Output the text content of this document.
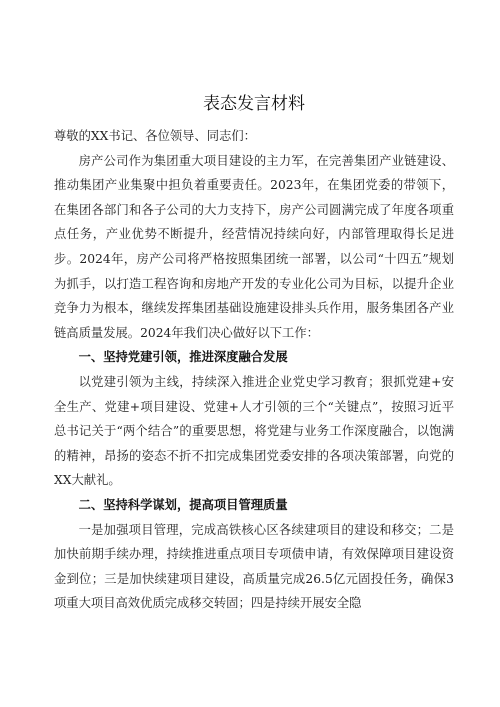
表态发言材料

尊敬的XX书记、各位领导、同志们：

房产公司作为集团重大项目建设的主力军，在完善集团产业链建设、推动集团产业集聚中担负着重要责任。2023年，在集团党委的带领下，在集团各部门和各子公司的大力支持下，房产公司圆满完成了年度各项重点任务，产业优势不断提升，经营情况持续向好，内部管理取得长足进步。2024年，房产公司将严格按照集团统一部署，以公司“十四五”规划为抓手，以打造工程咨询和房地产开发的专业化公司为目标，以提升企业竞争力为根本，继续发挥集团基础设施建设排头兵作用，服务集团各产业链高质量发展。2024年我们决心做好以下工作：

一、坚持党建引领，推进深度融合发展

以党建引领为主线，持续深入推进企业党史学习教育；狠抓党建+安全生产、党建+项目建设、党建+人才引领的三个“关键点”，按照习近平总书记关于“两个结合”的重要思想，将党建与业务工作深度融合，以饱满的精神，昂扬的姿态不折不扣完成集团党委安排的各项决策部署，向党的XX大献礼。

二、坚持科学谋划，提高项目管理质量

一是加强项目管理，完成高铁核心区各续建项目的建设和移交；二是加快前期手续办理，持续推进重点项目专项债申请，有效保障项目建设资金到位；三是加快续建项目建设，高质量完成26.5亿元固投任务，确保3项重大项目高效优质完成移交转固；四是持续开展安全隐
